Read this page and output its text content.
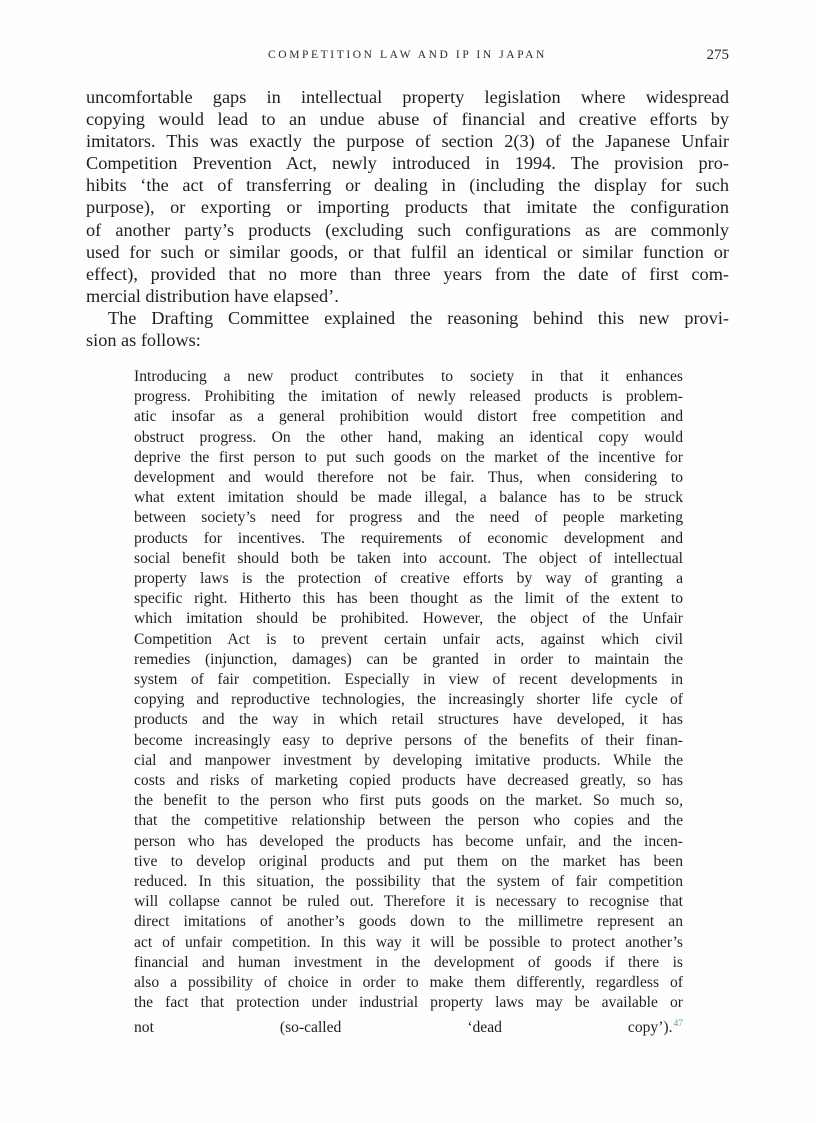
COMPETITION LAW AND IP IN JAPAN	275

uncomfortable gaps in intellectual property legislation where widespread
copying would lead to an undue abuse of financial and creative efforts by
imitators. This was exactly the purpose of section 2(3) of the Japanese Unfair
Competition Prevention Act, newly introduced in 1994. The provision pro-
hibits ‘the act of transferring or dealing in (including the display for such
purpose), or exporting or importing products that imitate the configuration
of another party’s products (excluding such configurations as are commonly
used for such or similar goods, or that fulfil an identical or similar function or
effect), provided that no more than three years from the date of first com-
mercial distribution have elapsed’.

The Drafting Committee explained the reasoning behind this new provi-
sion as follows:

Introducing a new product contributes to society in that it enhances
progress. Prohibiting the imitation of newly released products is problem-
atic insofar as a general prohibition would distort free competition and
obstruct progress. On the other hand, making an identical copy would
deprive the first person to put such goods on the market of the incentive for
development and would therefore not be fair. Thus, when considering to
what extent imitation should be made illegal, a balance has to be struck
between society’s need for progress and the need of people marketing
products for incentives. The requirements of economic development and
social benefit should both be taken into account. The object of intellectual
property laws is the protection of creative efforts by way of granting a
specific right. Hitherto this has been thought as the limit of the extent to
which imitation should be prohibited. However, the object of the Unfair
Competition Act is to prevent certain unfair acts, against which civil
remedies (injunction, damages) can be granted in order to maintain the
system of fair competition. Especially in view of recent developments in
copying and reproductive technologies, the increasingly shorter life cycle of
products and the way in which retail structures have developed, it has
become increasingly easy to deprive persons of the benefits of their finan-
cial and manpower investment by developing imitative products. While the
costs and risks of marketing copied products have decreased greatly, so has
the benefit to the person who first puts goods on the market. So much so,
that the competitive relationship between the person who copies and the
person who has developed the products has become unfair, and the incen-
tive to develop original products and put them on the market has been
reduced. In this situation, the possibility that the system of fair competition
will collapse cannot be ruled out. Therefore it is necessary to recognise that
direct imitations of another’s goods down to the millimetre represent an
act of unfair competition. In this way it will be possible to protect another’s
financial and human investment in the development of goods if there is
also a possibility of choice in order to make them differently, regardless of
the fact that protection under industrial property laws may be available or
not (so-called ‘dead copy’).$^{47}$
